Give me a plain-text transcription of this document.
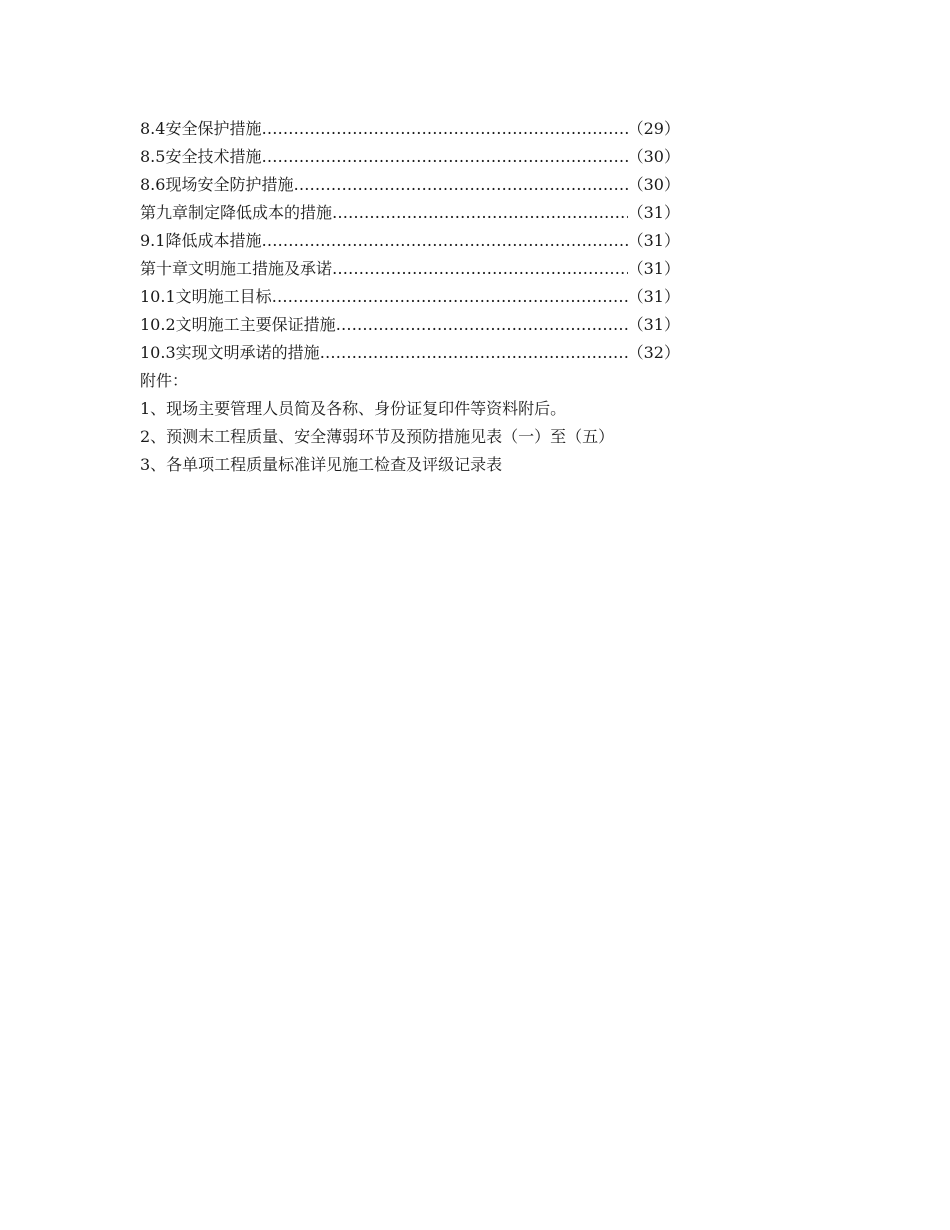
8.4安全保护措施 ………………………………………………………………………………………………………………………………………………	（29）
8.5安全技术措施 ………………………………………………………………………………………………………………………………………………	（30）
8.6现场安全防护措施 ………………………………………………………………………………………………………………………………………………	（30）
第九章制定降低成本的措施 ………………………………………………………………………………………………………………………………………………	（31）
9.1降低成本措施 ………………………………………………………………………………………………………………………………………………	（31）
第十章文明施工措施及承诺 ………………………………………………………………………………………………………………………………………………	（31）
10.1文明施工目标 ………………………………………………………………………………………………………………………………………………	（31）
10.2文明施工主要保证措施 ………………………………………………………………………………………………………………………………………………	（31）
10.3实现文明承诺的措施 ………………………………………………………………………………………………………………………………………………	（32）
附件：
1、现场主要管理人员简及各称、身份证复印件等资料附后。
2、预测末工程质量、安全薄弱环节及预防措施见表（一）至（五）
3、各单项工程质量标准详见施工检查及评级记录表
